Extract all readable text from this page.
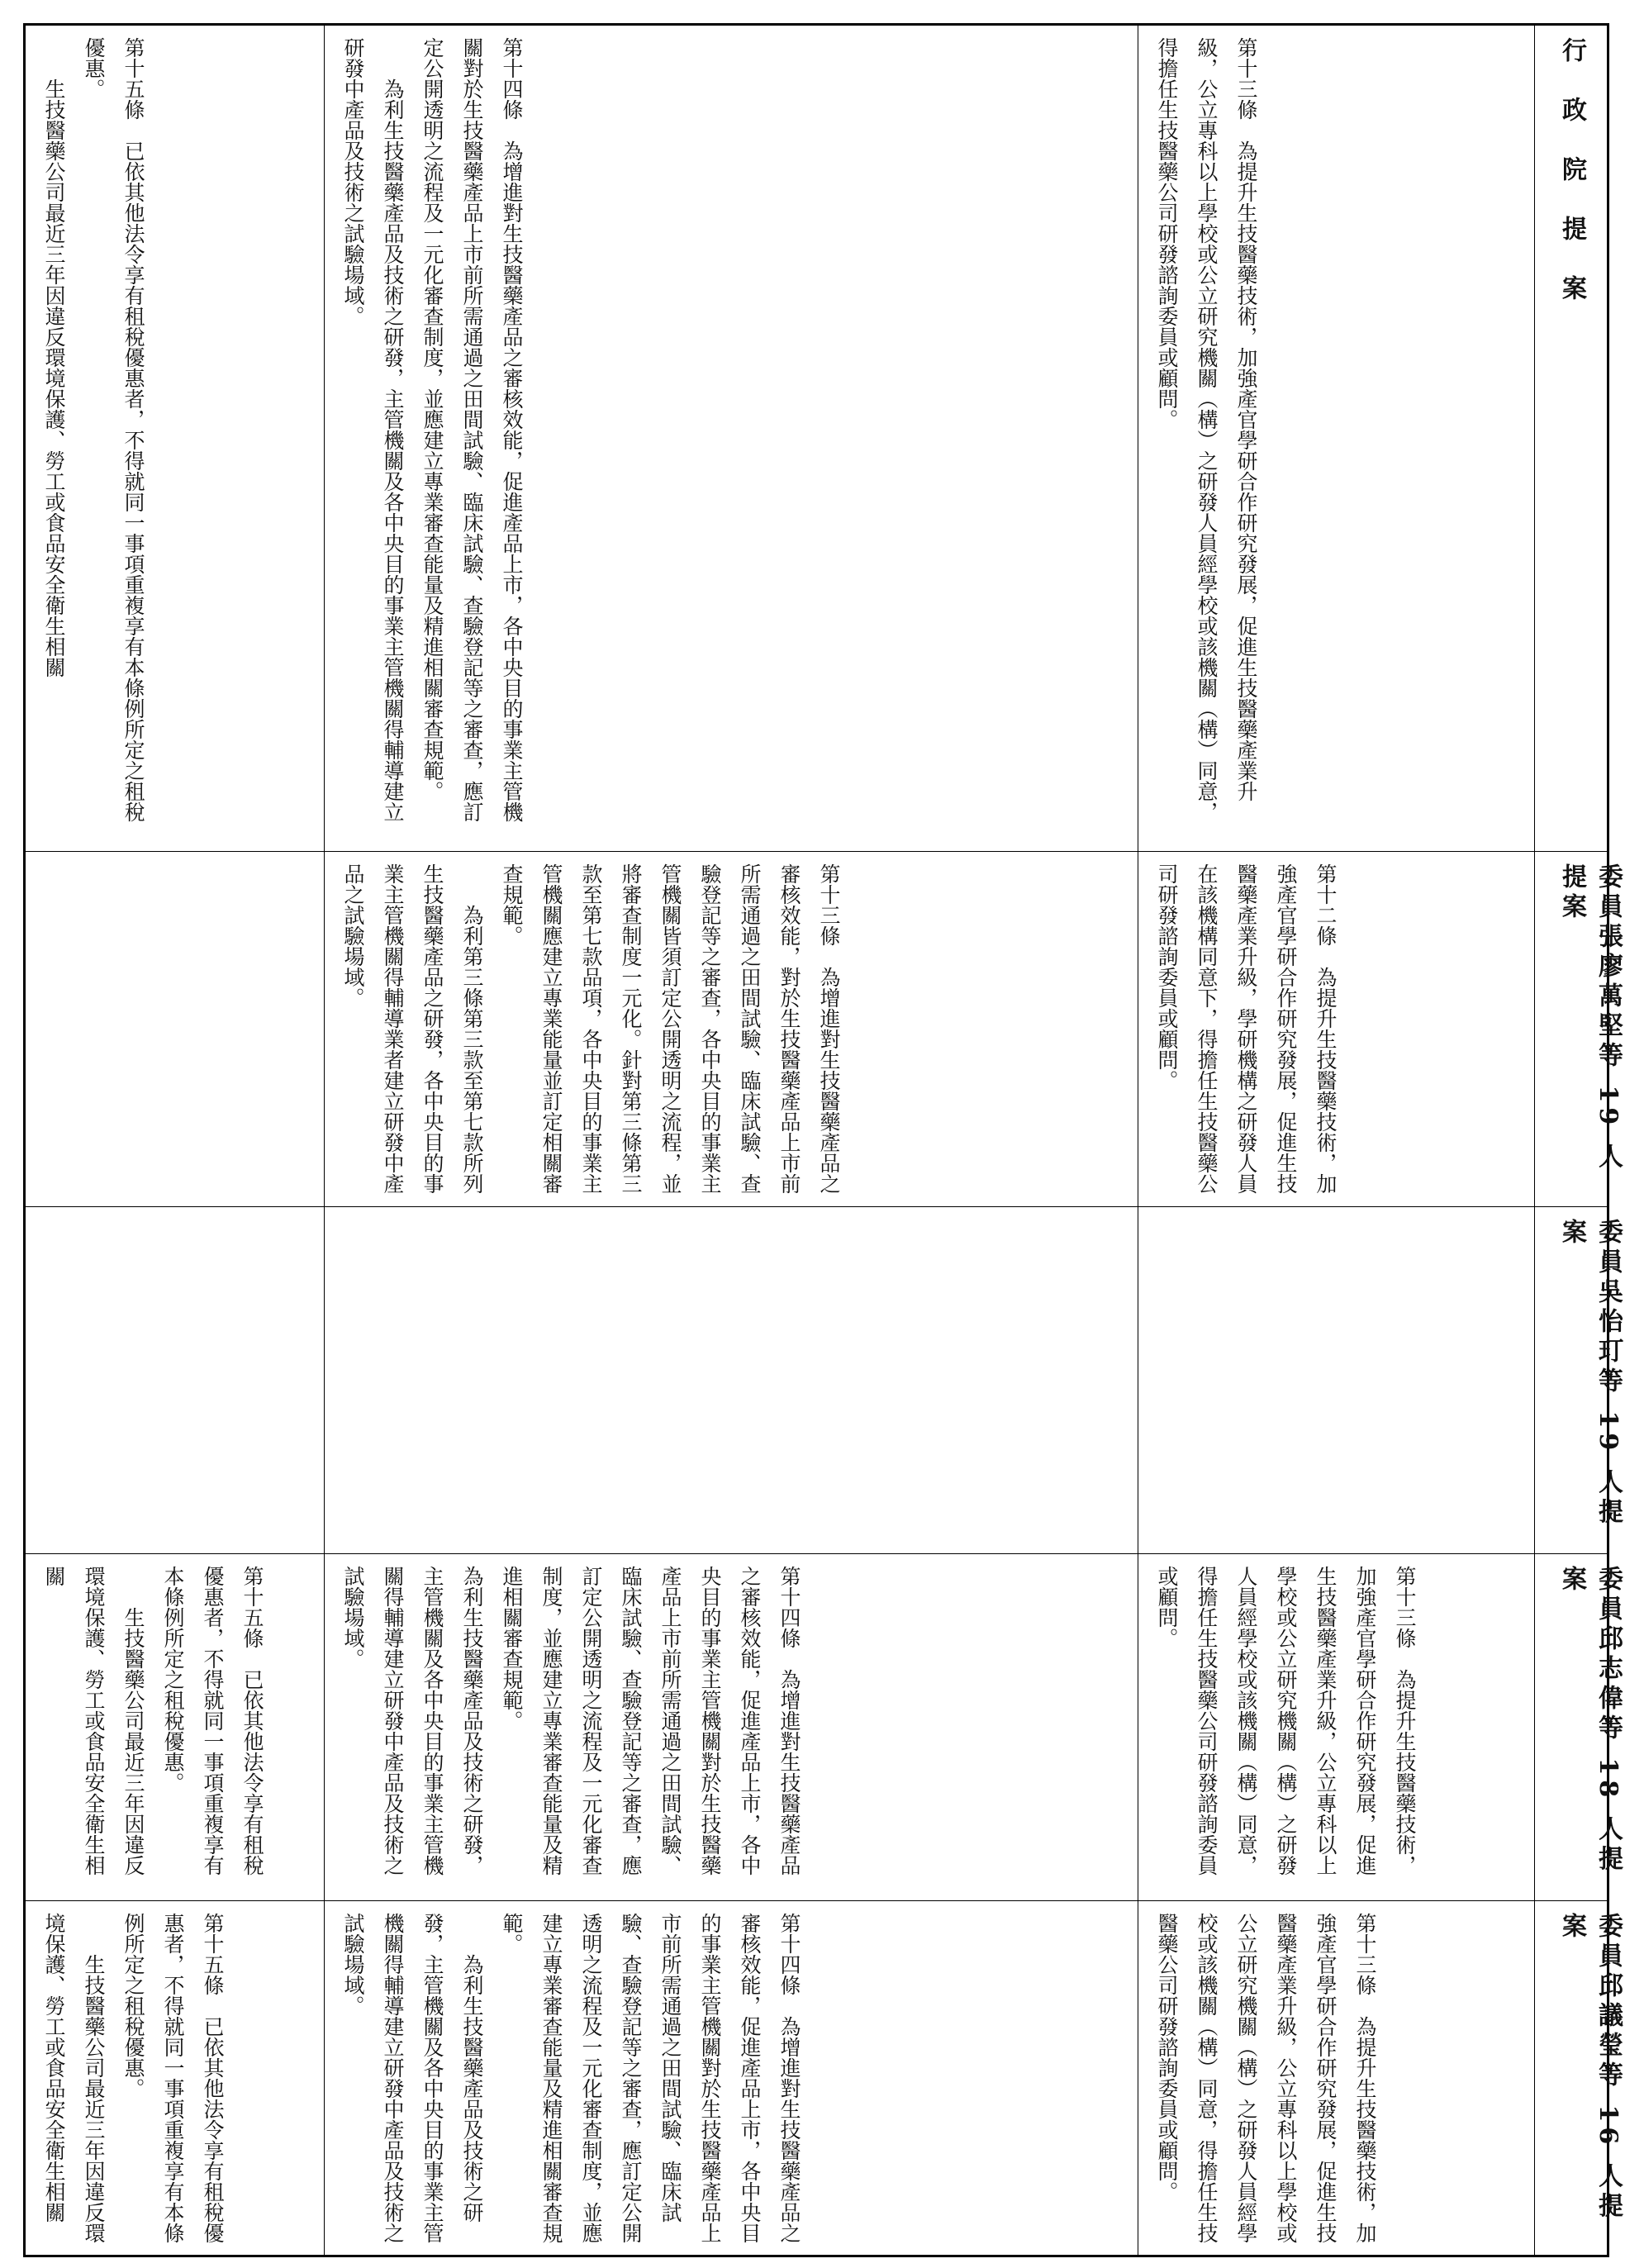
行　政　院　提　案
委員張廖萬堅等 19 人提案
委員吳怡玎等 19 人提案
委員邱志偉等 18 人提案
委員邱議瑩等 16 人提案
第十三條　為提升生技醫藥技術，加強產官學研合作研究發展，促進生技醫藥產業升級，公立專科以上學校或公立研究機關（構）之研發人員經學校或該機關（構）同意，得擔任生技醫藥公司研發諮詢委員或顧問。
第十二條　為提升生技醫藥技術，加強產官學研合作研究發展，促進生技醫藥產業升級，學研機構之研發人員在該機構同意下，得擔任生技醫藥公司研發諮詢委員或顧問。
第十三條　為提升生技醫藥技術，加強產官學研合作研究發展，促進生技醫藥產業升級，公立專科以上學校或公立研究機關（構）之研發人員經學校或該機關（構）同意，得擔任生技醫藥公司研發諮詢委員或顧問。
第十三條　為提升生技醫藥技術，加強產官學研合作研究發展，促進生技醫藥產業升級，公立專科以上學校或公立研究機關（構）之研發人員經學校或該機關（構）同意，得擔任生技醫藥公司研發諮詢委員或顧問。
第十四條　為增進對生技醫藥產品之審核效能，促進產品上市，各中央目的事業主管機關對於生技醫藥產品上市前所需通過之田間試驗、臨床試驗、查驗登記等之審查，應訂定公開透明之流程及一元化審查制度，並應建立專業審查能量及精進相關審查規範。
　　為利生技醫藥產品及技術之研發，主管機關及各中央目的事業主管機關得輔導建立研發中產品及技術之試驗場域。
第十三條　為增進對生技醫藥產品之審核效能，對於生技醫藥產品上市前所需通過之田間試驗、臨床試驗、查驗登記等之審查，各中央目的事業主管機關皆須訂定公開透明之流程，並將審查制度一元化。針對第三條第三款至第七款品項，各中央目的事業主管機關應建立專業能量並訂定相關審查規範。
　　為利第三條第三款至第七款所列生技醫藥產品之研發，各中央目的事業主管機關得輔導業者建立研發中產品之試驗場域。
第十四條　為增進對生技醫藥產品之審核效能，促進產品上市，各中央目的事業主管機關對於生技醫藥產品上市前所需通過之田間試驗、臨床試驗、查驗登記等之審查，應訂定公開透明之流程及一元化審查制度，並應建立專業審查能量及精進相關審查規範。
為利生技醫藥產品及技術之研發，主管機關及各中央目的事業主管機關得輔導建立研發中產品及技術之試驗場域。
第十四條　為增進對生技醫藥產品之審核效能，促進產品上市，各中央目的事業主管機關對於生技醫藥產品上市前所需通過之田間試驗、臨床試驗、查驗登記等之審查，應訂定公開透明之流程及一元化審查制度，並應建立專業審查能量及精進相關審查規範。
　　為利生技醫藥產品及技術之研發，主管機關及各中央目的事業主管機關得輔導建立研發中產品及技術之試驗場域。
第十五條　已依其他法令享有租稅優惠者，不得就同一事項重複享有本條例所定之租稅優惠。
　　生技醫藥公司最近三年因違反環境保護、勞工或食品安全衛生相關
第十五條　已依其他法令享有租稅優惠者，不得就同一事項重複享有本條例所定之租稅優惠。
　　生技醫藥公司最近三年因違反環境保護、勞工或食品安全衛生相關
第十五條　已依其他法令享有租稅優惠者，不得就同一事項重複享有本條例所定之租稅優惠。
　　生技醫藥公司最近三年因違反環境保護、勞工或食品安全衛生相關
